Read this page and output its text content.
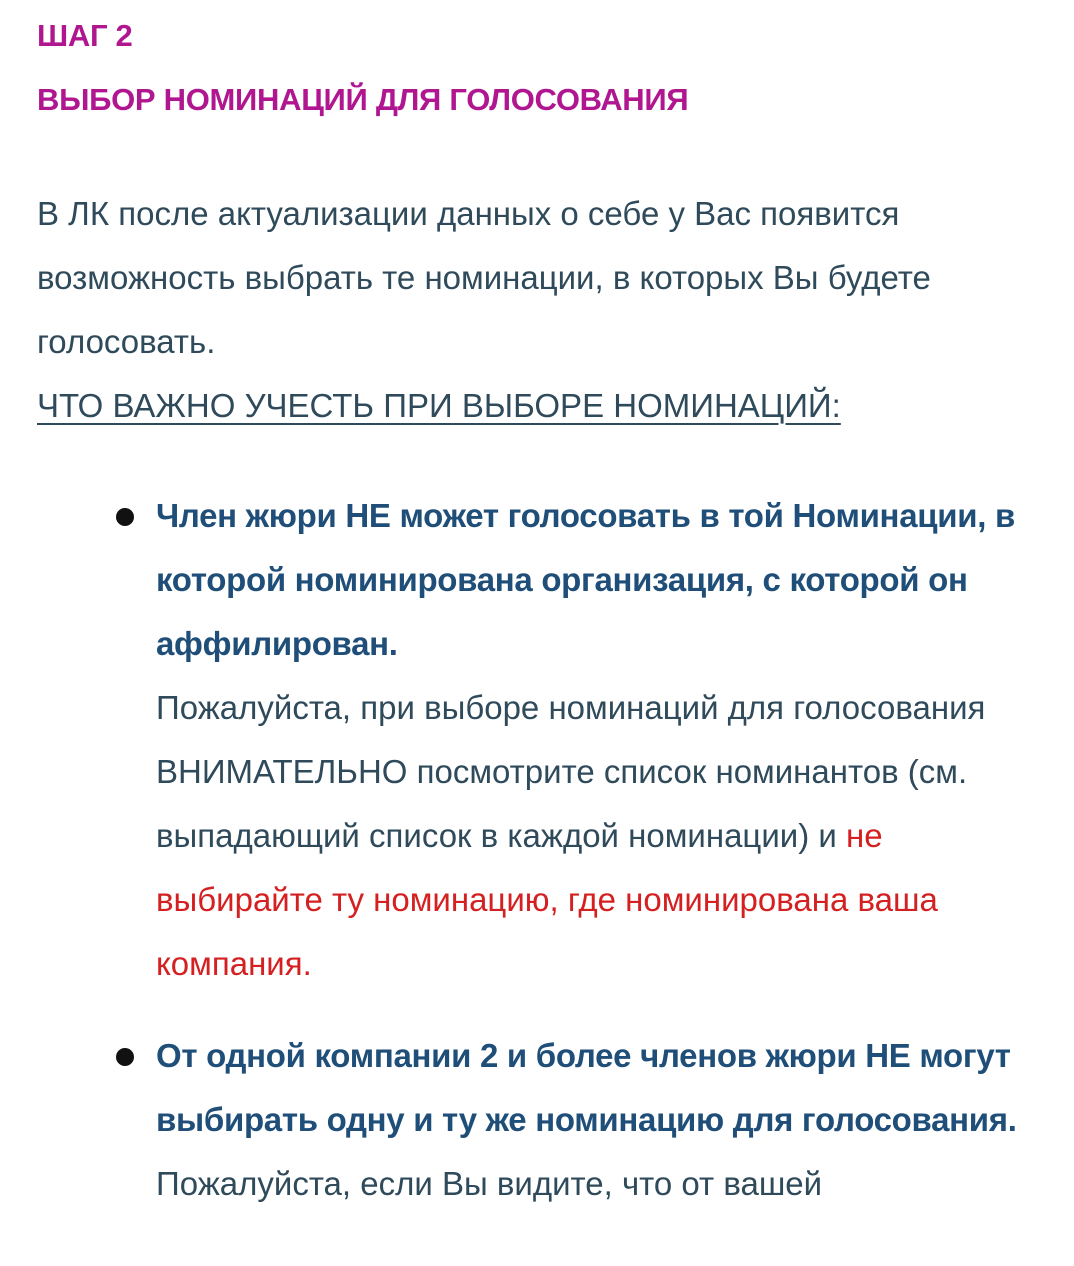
ШАГ 2
ВЫБОР НОМИНАЦИЙ ДЛЯ ГОЛОСОВАНИЯ

В ЛК после актуализации данных о себе у Вас появится возможность выбрать те номинации, в которых Вы будете голосовать.

ЧТО ВАЖНО УЧЕСТЬ ПРИ ВЫБОРЕ НОМИНАЦИЙ:

Член жюри НЕ может голосовать в той Номинации, в которой номинирована организация, с которой он аффилирован.

Пожалуйста, при выборе номинаций для голосования ВНИМАТЕЛЬНО посмотрите список номинантов (см. выпадающий список в каждой номинации) и не выбирайте ту номинацию, где номинирована ваша компания.

От одной компании 2 и более членов жюри НЕ могут выбирать одну и ту же номинацию для голосования.

Пожалуйста, если Вы видите, что от вашей
